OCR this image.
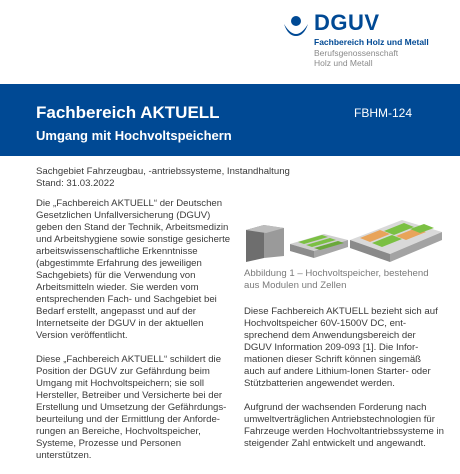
DGUV
Fachbereich Holz und Metall
Berufsgenossenschaft
Holz und Metall
Fachbereich AKTUELL	FBHM-124
Umgang mit Hochvoltspeichern
Sachgebiet Fahrzeugbau, -antriebssysteme, Instandhaltung
Stand: 31.03.2022

Die „Fachbereich AKTUELL“ der Deutschen
Gesetzlichen Unfallversicherung (DGUV)
geben den Stand der Technik, Arbeitsmedizin
und Arbeitshygiene sowie sonstige gesicherte
arbeitswissenschaftliche Erkenntnisse
(abgestimmte Erfahrung des jeweiligen
Sachgebiets) für die Verwendung von
Arbeitsmitteln wieder. Sie werden vom
entsprechenden Fach- und Sachgebiet bei
Bedarf erstellt, angepasst und auf der
Internetseite der DGUV in der aktuellen
Version veröffentlicht.

Diese „Fachbereich AKTUELL“ schildert die
Position der DGUV zur Gefährdung beim
Umgang mit Hochvoltspeichern; sie soll
Hersteller, Betreiber und Versicherte bei der
Erstellung und Umsetzung der Gefährdungs-
beurteilung und der Ermittlung der Anforde-
rungen an Bereiche, Hochvoltspeicher,
Systeme, Prozesse und Personen
unterstützen.

Abbildung 1 – Hochvoltspeicher, bestehend
aus Modulen und Zellen

Diese Fachbereich AKTUELL bezieht sich auf
Hochvoltspeicher 60V-1500V DC, ent-
sprechend dem Anwendungsbereich der
DGUV Information 209-093 [1]. Die Infor-
mationen dieser Schrift können singemäß
auch auf andere Lithium-Ionen Starter- oder
Stützbatterien angewendet werden.

Aufgrund der wachsenden Forderung nach
umweltverträglichen Antriebstechnologien für
Fahrzeuge werden Hochvoltantriebssysteme in
steigender Zahl entwickelt und angewandt.
